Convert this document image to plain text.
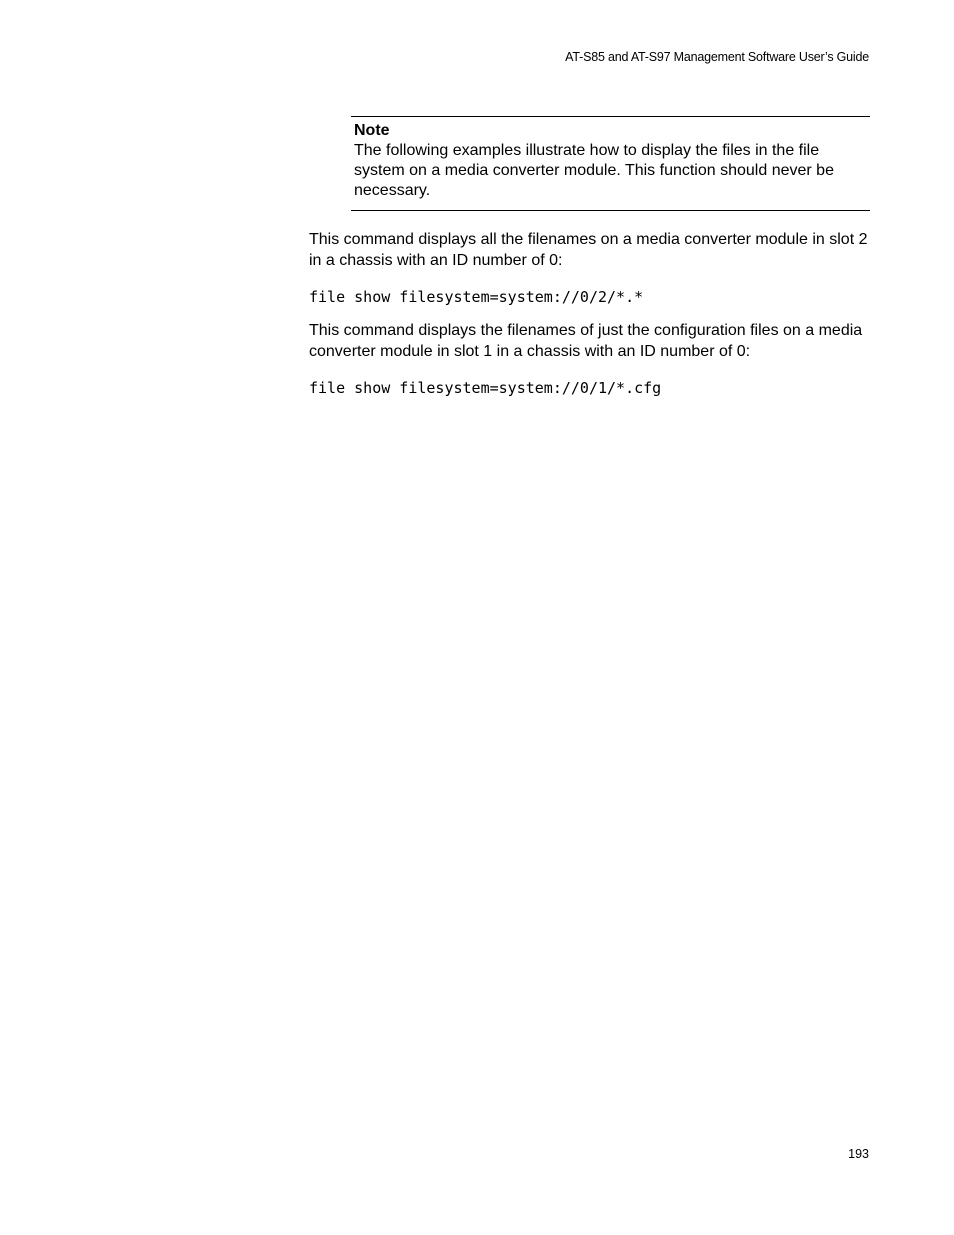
AT-S85 and AT-S97 Management Software User’s Guide
Note

The following examples illustrate how to display the files in the file system on a media converter module. This function should never be necessary.

This command displays all the filenames on a media converter module in slot 2 in a chassis with an ID number of 0:

file show filesystem=system://0/2/*.*

This command displays the filenames of just the configuration files on a media converter module in slot 1 in a chassis with an ID number of 0:

file show filesystem=system://0/1/*.cfg
193
